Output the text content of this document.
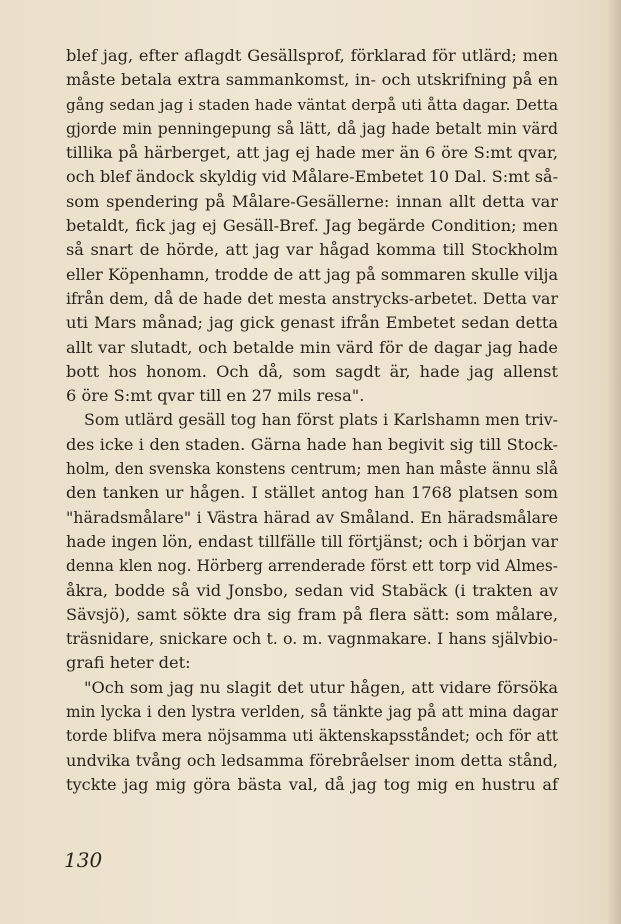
blef jag, efter aflagdt Gesällsprof, förklarad för utlärd; men
måste betala extra sammankomst, in- och utskrifning på en
gång sedan jag i staden hade väntat derpå uti åtta dagar. Detta
gjorde min penningepung så lätt, då jag hade betalt min värd
tillika på härberget, att jag ej hade mer än 6 öre S:mt qvar,
och blef ändock skyldig vid Målare-Embetet 10 Dal. S:mt så-
som spendering på Målare-Gesällerne: innan allt detta var
betaldt, fick jag ej Gesäll-Bref. Jag begärde Condition; men
så snart de hörde, att jag var hågad komma till Stockholm
eller Köpenhamn, trodde de att jag på sommaren skulle vilja
ifrån dem, då de hade det mesta anstrycks-arbetet. Detta var
uti Mars månad; jag gick genast ifrån Embetet sedan detta
allt var slutadt, och betalde min värd för de dagar jag hade
bott hos honom. Och då, som sagdt är, hade jag allenst
6 öre S:mt qvar till en 27 mils resa".
Som utlärd gesäll tog han först plats i Karlshamn men triv-
des icke i den staden. Gärna hade han begivit sig till Stock-
holm, den svenska konstens centrum; men han måste ännu slå
den tanken ur hågen. I stället antog han 1768 platsen som
"häradsmålare" i Västra härad av Småland. En häradsmålare
hade ingen lön, endast tillfälle till förtjänst; och i början var
denna klen nog. Hörberg arrenderade först ett torp vid Almes-
åkra, bodde så vid Jonsbo, sedan vid Stabäck (i trakten av
Sävsjö), samt sökte dra sig fram på flera sätt: som målare,
träsnidare, snickare och t. o. m. vagnmakare. I hans självbio-
grafi heter det:
"Och som jag nu slagit det utur hågen, att vidare försöka
min lycka i den lystra verlden, så tänkte jag på att mina dagar
torde blifva mera nöjsamma uti äktenskapsståndet; och för att
undvika tvång och ledsamma förebråelser inom detta stånd,
tyckte jag mig göra bästa val, då jag tog mig en hustru af
130
